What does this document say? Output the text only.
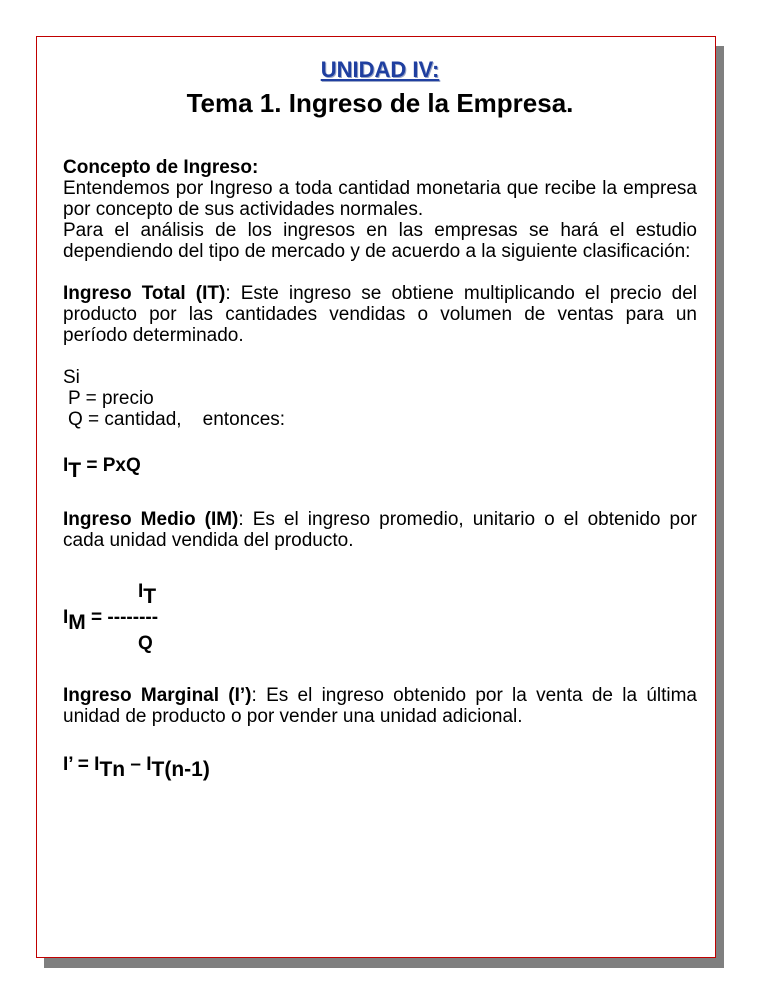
UNIDAD IV:
Tema 1. Ingreso de la Empresa.

Concepto de Ingreso:

Entendemos por Ingreso a toda cantidad monetaria que recibe la empresa por concepto de sus actividades normales.

Para el análisis de los ingresos en las empresas se hará el estudio dependiendo del tipo de mercado y de acuerdo a la siguiente clasificación:

Ingreso Total (IT): Este ingreso se obtiene multiplicando el precio del producto por las cantidades vendidas o volumen de ventas para un período determinado.

Si

P = precio

Q = cantidad, entonces:

IT = PxQ

Ingreso Medio (IM): Es el ingreso promedio, unitario o el obtenido por cada unidad vendida del producto.

IT
IM = --------
Q

Ingreso Marginal (I’): Es el ingreso obtenido por la venta de la última unidad de producto o por vender una unidad adicional.

I’ = ITn – IT(n-1)
